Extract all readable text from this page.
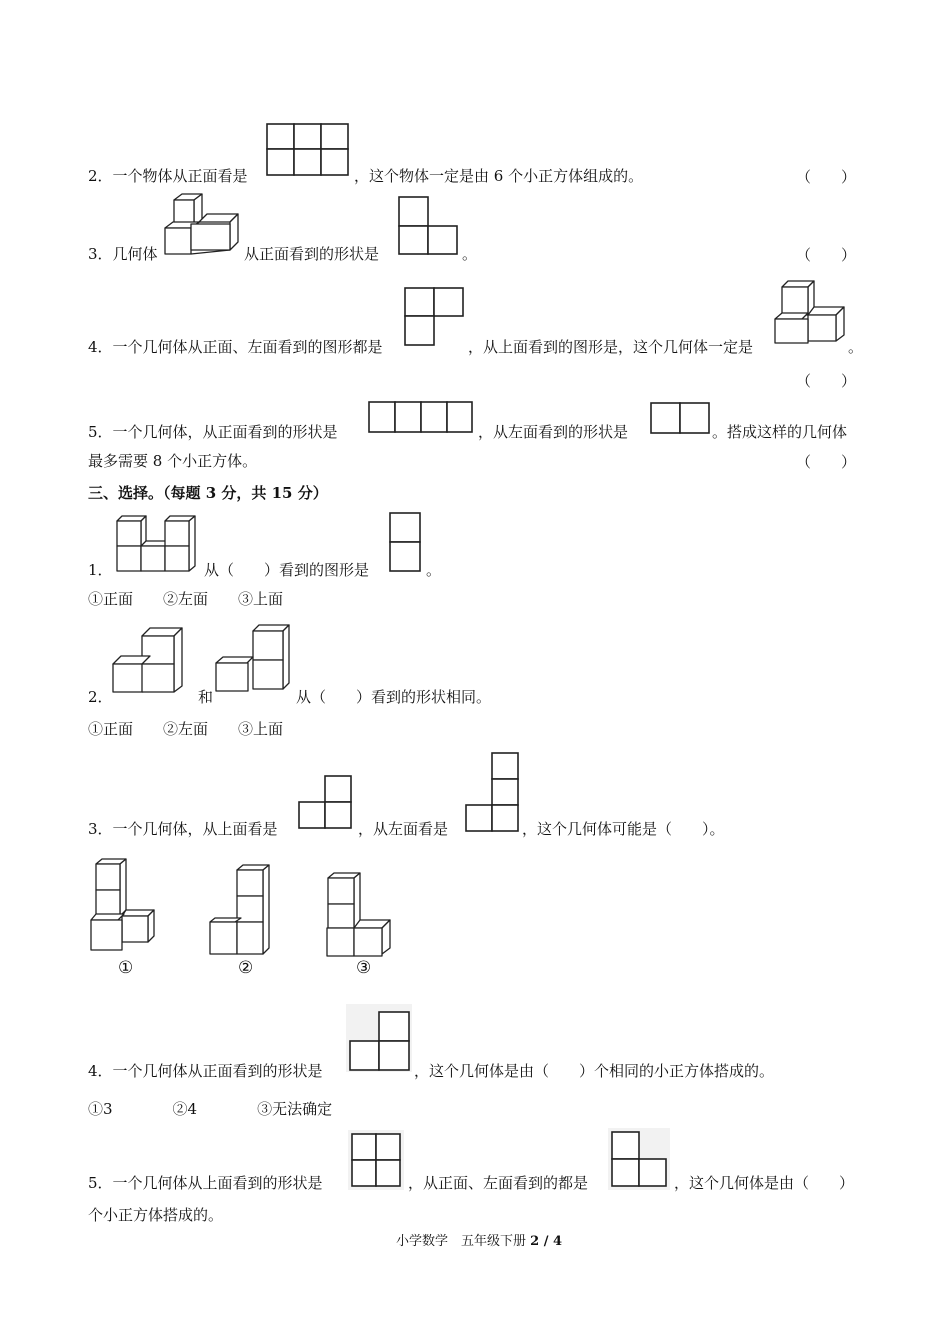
2．一个物体从正面看是	，这个物体一定是由 6 个小正方体组成的。	（　　）
3．几何体	从正面看到的形状是	。	（　　）
4．一个几何体从正面、左面看到的图形都是	，从上面看到的图形是，这个几何体一定是	。
（　　）
5．一个几何体，从正面看到的形状是	，从左面看到的形状是	。搭成这样的几何体
最多需要 8 个小正方体。	（　　）
三、选择。（每题 3 分，共 15 分）
1．	从（　　）看到的图形是	。
①正面　　②左面　　③上面
2．	和	从（　　）看到的形状相同。
①正面　　②左面　　③上面
3．一个几何体，从上面看是	，从左面看是	，这个几何体可能是（　　）。
①	②	③
4．一个几何体从正面看到的形状是	，这个几何体是由（　　）个相同的小正方体搭成的。
①3　　　　②4　　　　③无法确定
5．一个几何体从上面看到的形状是	，从正面、左面看到的都是	，这个几何体是由（　　）
个小正方体搭成的。
小学数学　五年级下册 2 / 4
